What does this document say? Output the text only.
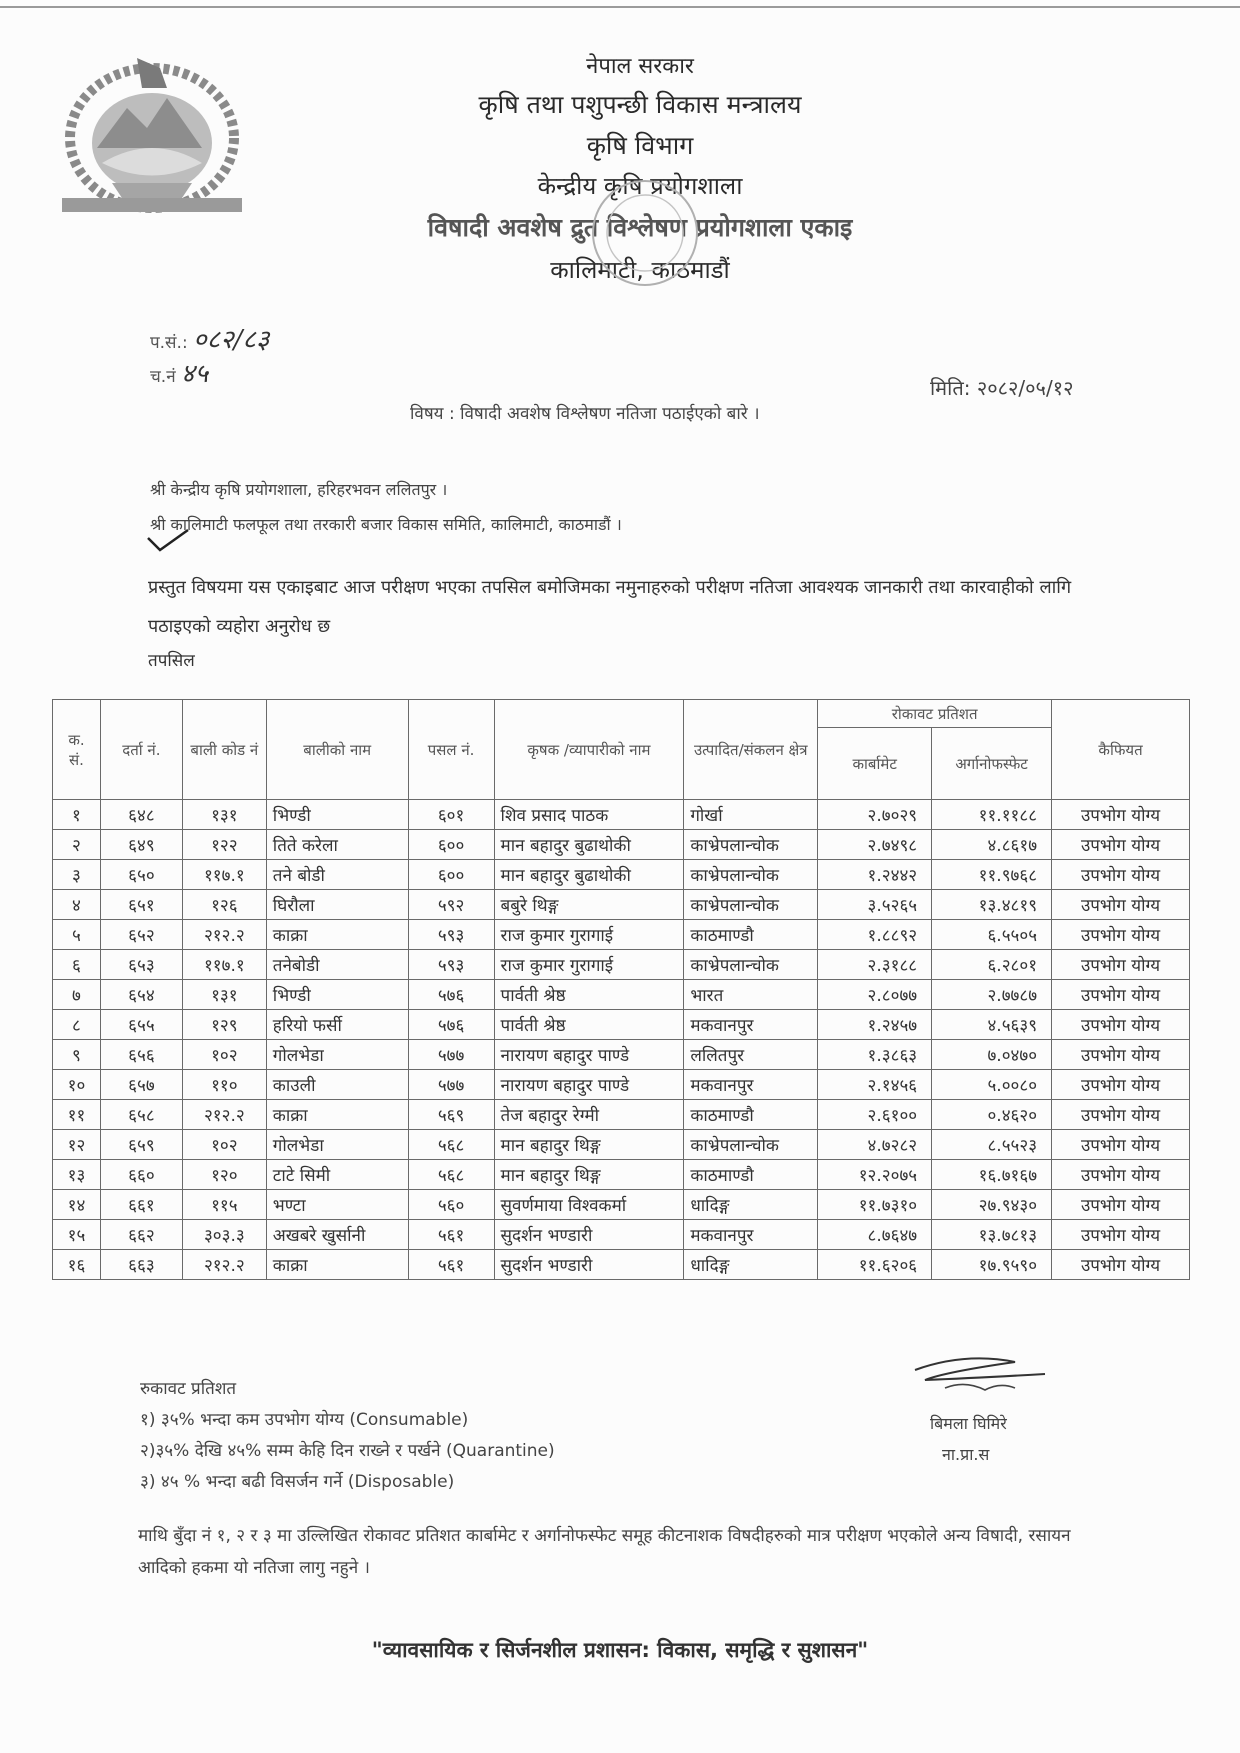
नेपाल सरकार
कृषि तथा पशुपन्छी विकास मन्त्रालय
कृषि विभाग
केन्द्रीय कृषि प्रयोगशाला
विषादी अवशेष द्रुत विश्लेषण प्रयोगशाला एकाइ
कालिमाटी, काठमाडौं
प.सं.: ०८२/८३
च.नं ४५	मिति: २०८२/०५/१२
विषय : विषादी अवशेष विश्लेषण नतिजा पठाईएको बारे ।
श्री केन्द्रीय कृषि प्रयोगशाला, हरिहरभवन ललितपुर ।
श्री कालिमाटी फलफूल तथा तरकारी बजार विकास समिति, कालिमाटी, काठमाडौं ।
प्रस्तुत विषयमा यस एकाइबाट आज परीक्षण भएका तपसिल बमोजिमका नमुनाहरुको परीक्षण नतिजा आवश्यक जानकारी तथा कारवाहीको लागि पठाइएको व्यहोरा अनुरोध छ
तपसिल
क. सं.	दर्ता नं.	बाली कोड नं	बालीको नाम	पसल नं.	कृषक /व्यापारीको नाम	उत्पादित/संकलन क्षेत्र	रोकावट प्रतिशत		कैफियत
							कार्बामेट	अर्गानोफस्फेट	
१	६४८	१३१	भिण्डी	६०१	शिव प्रसाद पाठक	गोर्खा	२.७०२९	११.११८८	उपभोग योग्य
२	६४९	१२२	तिते करेला	६००	मान बहादुर बुढाथोकी	काभ्रेपलान्चोक	२.७४९८	४.८६१७	उपभोग योग्य
३	६५०	११७.१	तने बोडी	६००	मान बहादुर बुढाथोकी	काभ्रेपलान्चोक	१.२४४२	११.९७६८	उपभोग योग्य
४	६५१	१२६	घिरौला	५९२	बबुरे थिङ्ग	काभ्रेपलान्चोक	३.५२६५	१३.४८१९	उपभोग योग्य
५	६५२	२१२.२	काक्रा	५९३	राज कुमार गुरागाई	काठमाण्डौ	१.८८९२	६.५५०५	उपभोग योग्य
६	६५३	११७.१	तनेबोडी	५९३	राज कुमार गुरागाई	काभ्रेपलान्चोक	२.३१८८	६.२८०१	उपभोग योग्य
७	६५४	१३१	भिण्डी	५७६	पार्वती श्रेष्ठ	भारत	२.८०७७	२.७७८७	उपभोग योग्य
८	६५५	१२९	हरियो फर्सी	५७६	पार्वती श्रेष्ठ	मकवानपुर	१.२४५७	४.५६३९	उपभोग योग्य
९	६५६	१०२	गोलभेडा	५७७	नारायण बहादुर पाण्डे	ललितपुर	१.३८६३	७.०४७०	उपभोग योग्य
१०	६५७	११०	काउली	५७७	नारायण बहादुर पाण्डे	मकवानपुर	२.१४५६	५.००८०	उपभोग योग्य
११	६५८	२१२.२	काक्रा	५६९	तेज बहादुर रेग्मी	काठमाण्डौ	२.६१००	०.४६२०	उपभोग योग्य
१२	६५९	१०२	गोलभेडा	५६८	मान बहादुर थिङ्ग	काभ्रेपलान्चोक	४.७२८२	८.५५२३	उपभोग योग्य
१३	६६०	१२०	टाटे सिमी	५६८	मान बहादुर थिङ्ग	काठमाण्डौ	१२.२०७५	१६.७१६७	उपभोग योग्य
१४	६६१	११५	भण्टा	५६०	सुवर्णमाया विश्वकर्मा	धादिङ्ग	११.७३१०	२७.९४३०	उपभोग योग्य
१५	६६२	३०३.३	अखबरे खुर्सानी	५६१	सुदर्शन भण्डारी	मकवानपुर	८.७६४७	१३.७८१३	उपभोग योग्य
१६	६६३	२१२.२	काक्रा	५६१	सुदर्शन भण्डारी	धादिङ्ग	११.६२०६	१७.९५९०	उपभोग योग्य
रुकावट प्रतिशत
१) ३५% भन्दा कम उपभोग योग्य (Consumable)
२)३५% देखि ४५% सम्म केहि दिन राख्ने र पर्खने (Quarantine)
३) ४५ % भन्दा बढी विसर्जन गर्ने (Disposable)
बिमला घिमिरे
ना.प्रा.स
माथि बुँदा नं १, २ र ३ मा उल्लिखित रोकावट प्रतिशत कार्बामेट र अर्गानोफस्फेट समूह कीटनाशक विषदीहरुको मात्र परीक्षण भएकोले अन्य विषादी, रसायन आदिको हकमा यो नतिजा लागु नहुने ।
"व्यावसायिक र सिर्जनशील प्रशासन: विकास, समृद्धि र सुशासन"
